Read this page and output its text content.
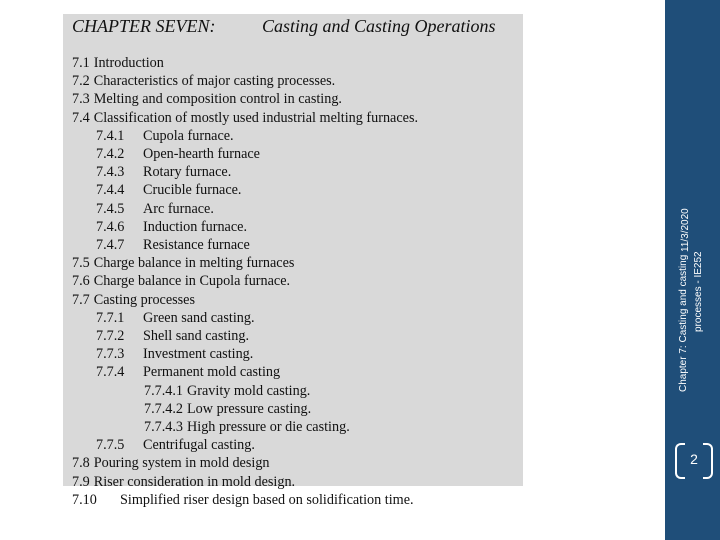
CHAPTER SEVEN:	Casting and Casting Operations
7.1 Introduction
7.2 Characteristics of major casting processes.
7.3 Melting and composition control in casting.
7.4 Classification of mostly used industrial melting furnaces.
7.4.1 Cupola furnace.
7.4.2 Open-hearth furnace
7.4.3 Rotary furnace.
7.4.4 Crucible furnace.
7.4.5 Arc furnace.
7.4.6 Induction furnace.
7.4.7 Resistance furnace
7.5 Charge balance in melting furnaces
7.6 Charge balance in Cupola furnace.
7.7 Casting processes
7.7.1 Green sand casting.
7.7.2 Shell sand casting.
7.7.3 Investment casting.
7.7.4 Permanent mold casting
7.7.4.1 Gravity mold casting.
7.7.4.2 Low pressure casting.
7.7.4.3 High pressure or die casting.
7.7.5 Centrifugal casting.
7.8 Pouring system in mold design
7.9 Riser consideration in mold design.
7.10 Simplified riser design based on solidification time.
11/3/2020
Chapter 7: Casting and casting processes - IE252
2
